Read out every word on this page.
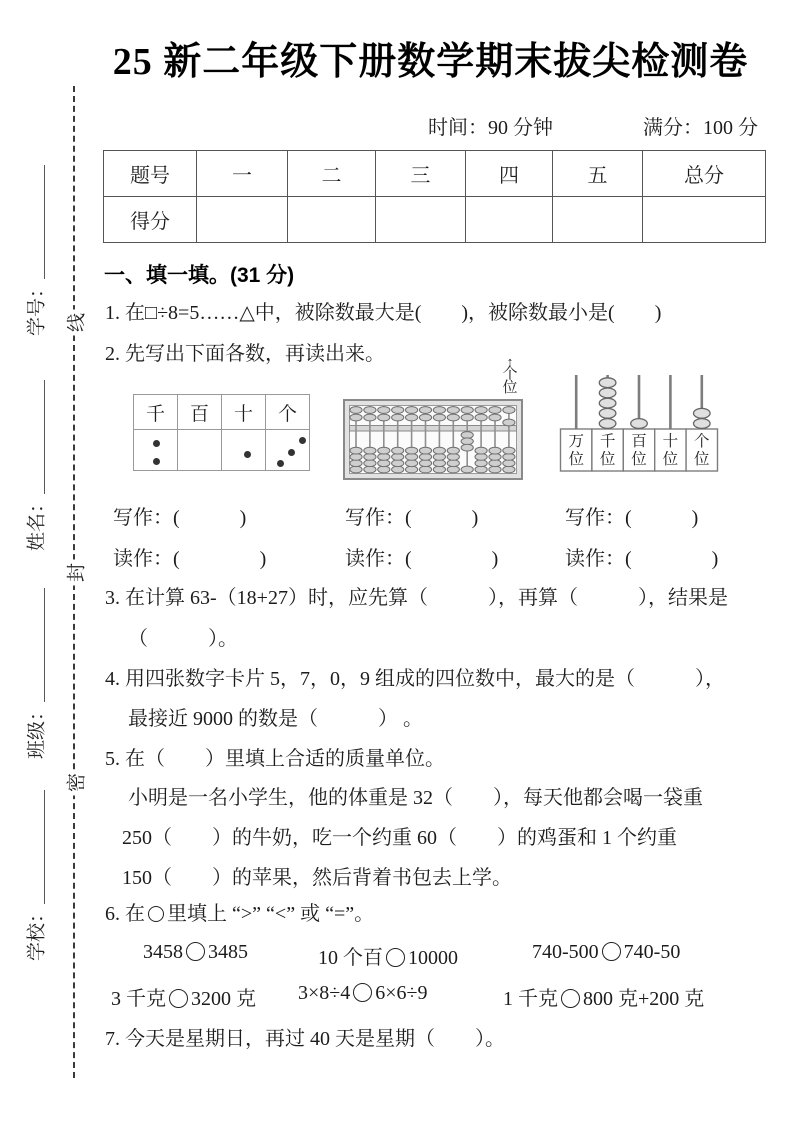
学号：＿＿＿＿＿＿
姓名：＿＿＿＿＿＿
班级：＿＿＿＿＿＿
学校：＿＿＿＿＿＿
线
封
密
25 新二年级下册数学期末拔尖检测卷
时间：90 分钟	满分：100 分
题号	一	二	三	四	五	总分
得分						
一、填一填。(31 分)
1. 在□÷8=5……△中，被除数最大是(　　)，被除数最小是(　　)
2. 先写出下面各数，再读出来。
千	百	十	个

↑
个
位
万
位
千
位
百
位
十
位
个
位
写作：(　　　)	写作：(　　　)	写作：(　　　)
读作：(　　　　)	读作：(　　　　)	读作：(　　　　)
3. 在计算 63-（18+27）时，应先算（　　　），再算（　　　），结果是
（　　　）。
4. 用四张数字卡片 5，7，0，9 组成的四位数中，最大的是（　　　），
最接近 9000 的数是（　　　） 。
5. 在（　　）里填上合适的质量单位。
小明是一名小学生，他的体重是 32（　　），每天他都会喝一袋重
250（　　）的牛奶，吃一个约重 60（　　）的鸡蛋和 1 个约重
150（　　）的苹果，然后背着书包去上学。
6. 在 里填上 “>” “<” 或 “=”。
3458 3485	10 个百 10000	740-500 740-50
3 千克 3200 克 3×8÷4 6×6÷9	1 千克 800 克+200 克
7. 今天是星期日，再过 40 天是星期（　　）。
